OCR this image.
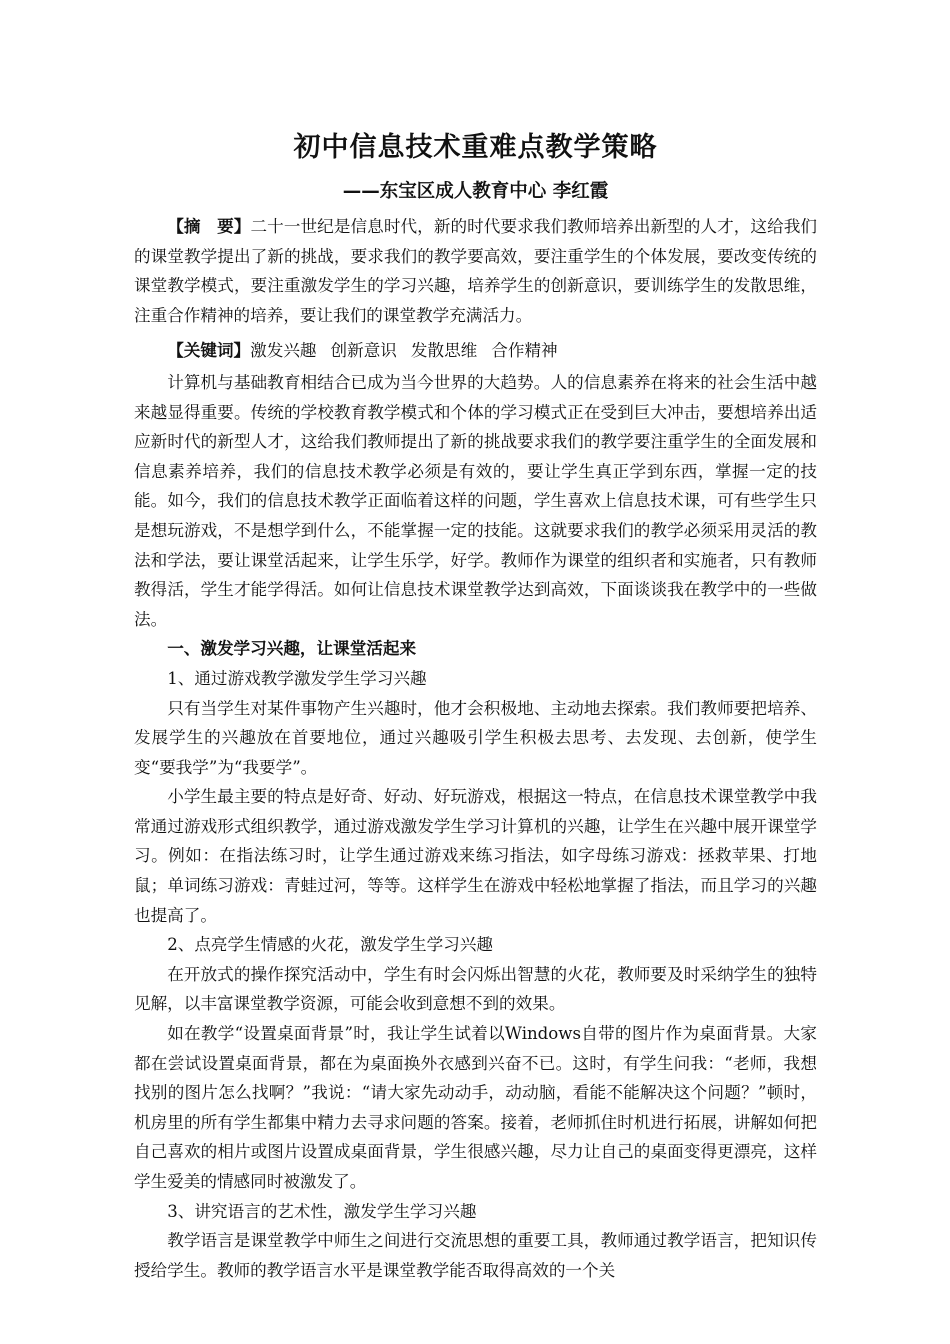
初中信息技术重难点教学策略
——东宝区成人教育中心 李红霞

【摘　要】二十一世纪是信息时代，新的时代要求我们教师培养出新型的人才，这给我们的课堂教学提出了新的挑战，要求我们的教学要高效，要注重学生的个体发展，要改变传统的课堂教学模式，要注重激发学生的学习兴趣，培养学生的创新意识，要训练学生的发散思维，注重合作精神的培养，要让我们的课堂教学充满活力。

【关键词】激发兴趣 创新意识 发散思维 合作精神

计算机与基础教育相结合已成为当今世界的大趋势。人的信息素养在将来的社会生活中越来越显得重要。传统的学校教育教学模式和个体的学习模式正在受到巨大冲击，要想培养出适应新时代的新型人才，这给我们教师提出了新的挑战要求我们的教学要注重学生的全面发展和信息素养培养，我们的信息技术教学必须是有效的，要让学生真正学到东西，掌握一定的技能。如今，我们的信息技术教学正面临着这样的问题，学生喜欢上信息技术课，可有些学生只是想玩游戏，不是想学到什么，不能掌握一定的技能。这就要求我们的教学必须采用灵活的教法和学法，要让课堂活起来，让学生乐学，好学。教师作为课堂的组织者和实施者，只有教师教得活，学生才能学得活。如何让信息技术课堂教学达到高效，下面谈谈我在教学中的一些做法。

一、激发学习兴趣，让课堂活起来

1、通过游戏教学激发学生学习兴趣

只有当学生对某件事物产生兴趣时，他才会积极地、主动地去探索。我们教师要把培养、发展学生的兴趣放在首要地位，通过兴趣吸引学生积极去思考、去发现、去创新，使学生变“要我学”为“我要学”。

小学生最主要的特点是好奇、好动、好玩游戏，根据这一特点，在信息技术课堂教学中我常通过游戏形式组织教学，通过游戏激发学生学习计算机的兴趣，让学生在兴趣中展开课堂学习。例如：在指法练习时，让学生通过游戏来练习指法，如字母练习游戏：拯救苹果、打地鼠；单词练习游戏：青蛙过河，等等。这样学生在游戏中轻松地掌握了指法，而且学习的兴趣也提高了。

2、点亮学生情感的火花，激发学生学习兴趣

在开放式的操作探究活动中，学生有时会闪烁出智慧的火花，教师要及时采纳学生的独特见解，以丰富课堂教学资源，可能会收到意想不到的效果。

如在教学“设置桌面背景”时，我让学生试着以Windows自带的图片作为桌面背景。大家都在尝试设置桌面背景，都在为桌面换外衣感到兴奋不已。这时，有学生问我：“老师，我想找别的图片怎么找啊？”我说：“请大家先动动手，动动脑，看能不能解决这个问题？”顿时，机房里的所有学生都集中精力去寻求问题的答案。接着，老师抓住时机进行拓展，讲解如何把自己喜欢的相片或图片设置成桌面背景，学生很感兴趣，尽力让自己的桌面变得更漂亮，这样学生爱美的情感同时被激发了。

3、讲究语言的艺术性，激发学生学习兴趣

教学语言是课堂教学中师生之间进行交流思想的重要工具，教师通过教学语言，把知识传授给学生。教师的教学语言水平是课堂教学能否取得高效的一个关
